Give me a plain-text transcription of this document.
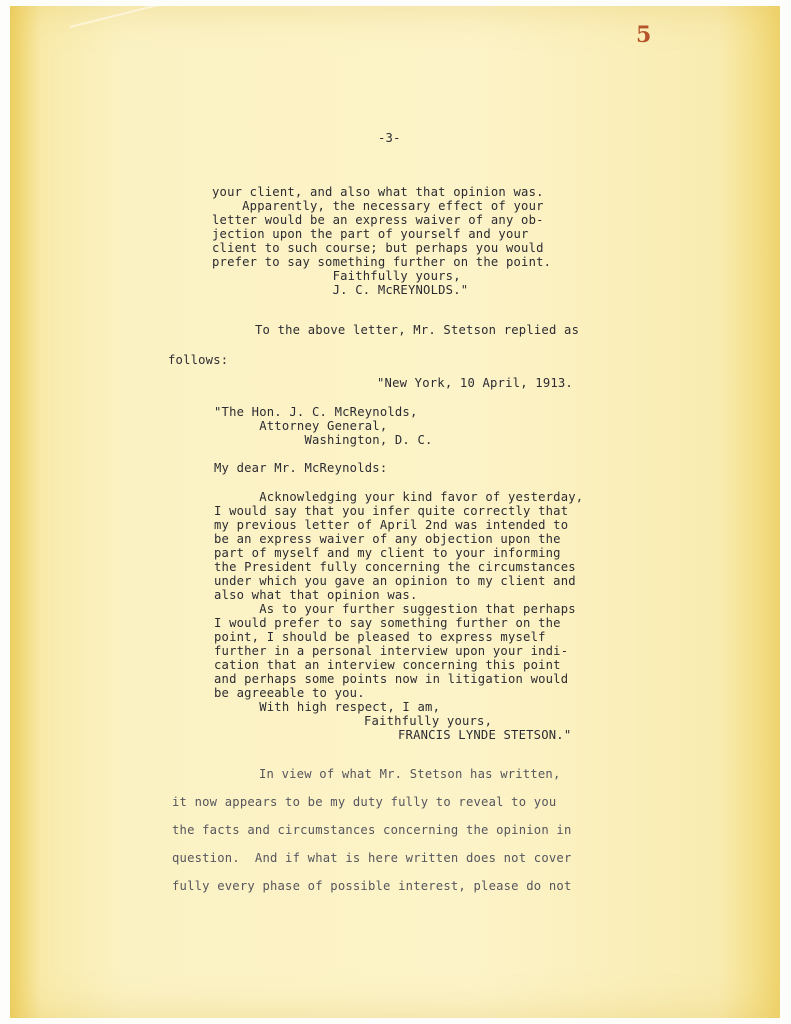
5
-3-
your client, and also what that opinion was.
Apparently, the necessary effect of your
letter would be an express waiver of any ob-
jection upon the part of yourself and your
client to such course; but perhaps you would
prefer to say something further on the point.
Faithfully yours,
J. C. McREYNOLDS."
To the above letter, Mr. Stetson replied as
follows:
"New York, 10 April, 1913.
"The Hon. J. C. McReynolds,
Attorney General,
Washington, D. C.
My dear Mr. McReynolds:
Acknowledging your kind favor of yesterday,
I would say that you infer quite correctly that
my previous letter of April 2nd was intended to
be an express waiver of any objection upon the
part of myself and my client to your informing
the President fully concerning the circumstances
under which you gave an opinion to my client and
also what that opinion was.
As to your further suggestion that perhaps
I would prefer to say something further on the
point, I should be pleased to express myself
further in a personal interview upon your indi-
cation that an interview concerning this point
and perhaps some points now in litigation would
be agreeable to you.
With high respect, I am,
Faithfully yours,
FRANCIS LYNDE STETSON."
In view of what Mr. Stetson has written,
it now appears to be my duty fully to reveal to you
the facts and circumstances concerning the opinion in
question.  And if what is here written does not cover
fully every phase of possible interest, please do not
